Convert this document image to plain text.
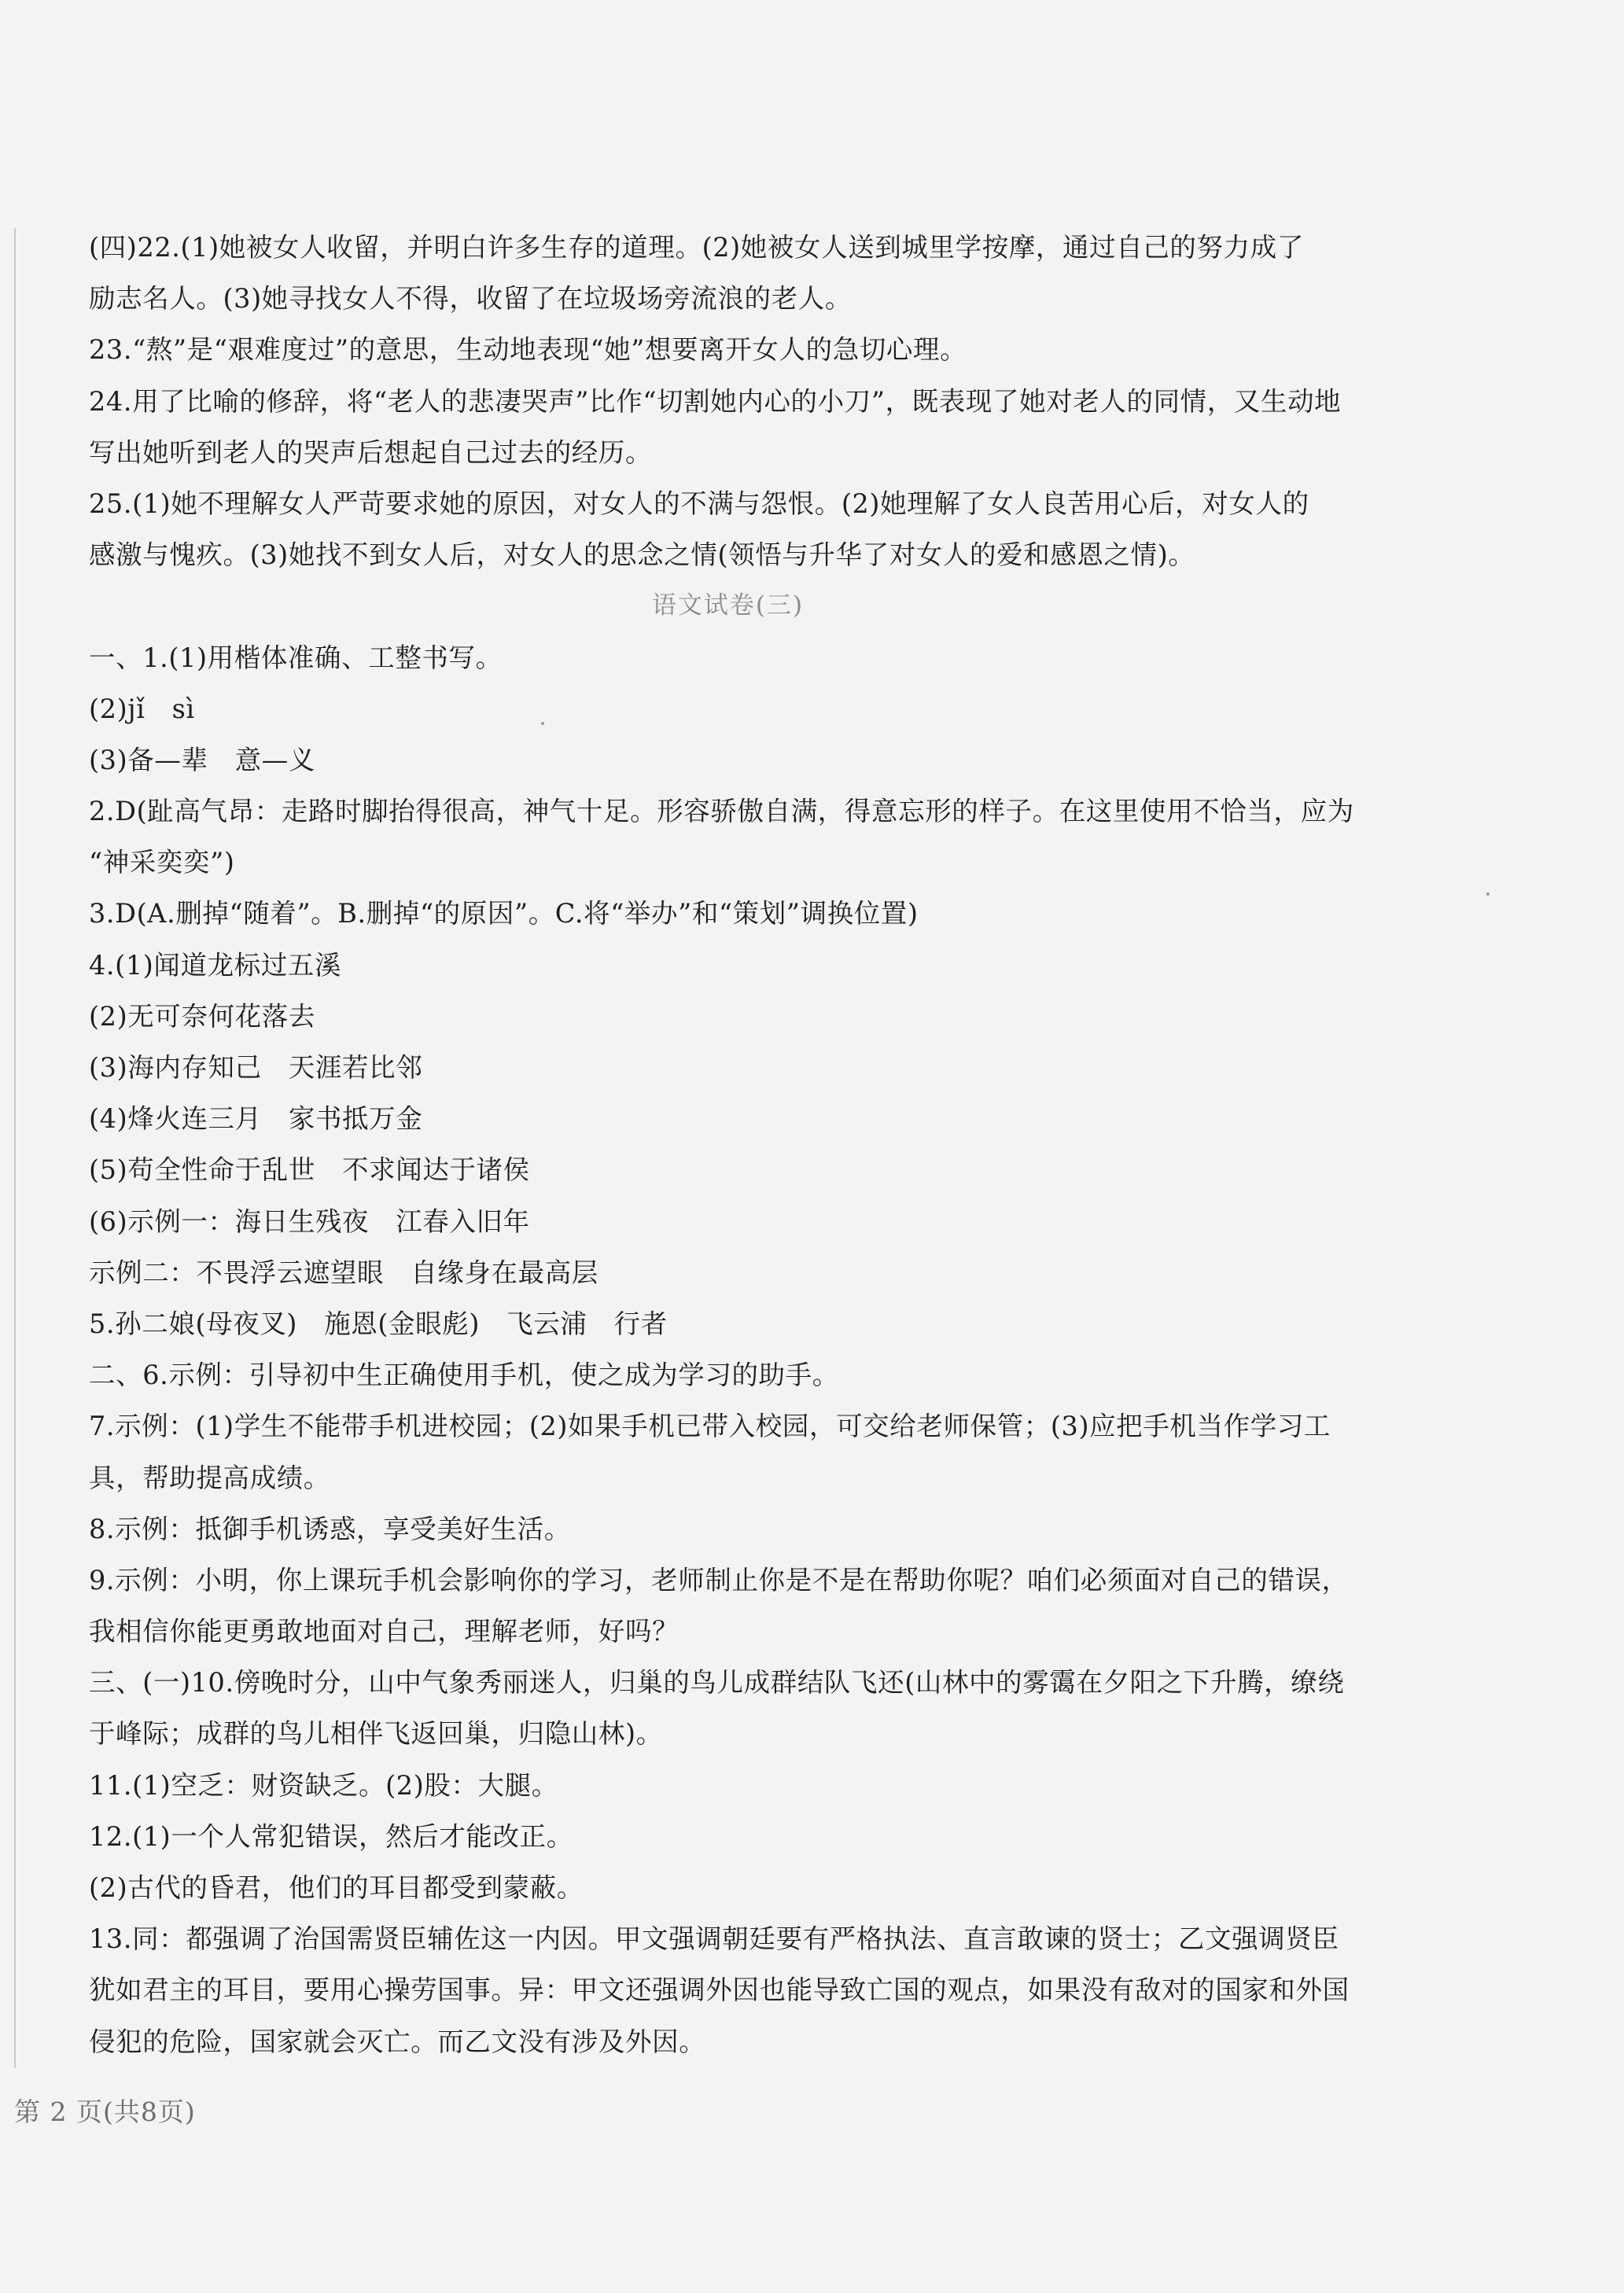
(四)22.(1)她被女人收留，并明白许多生存的道理。(2)她被女人送到城里学按摩，通过自己的努力成了
励志名人。(3)她寻找女人不得，收留了在垃圾场旁流浪的老人。
23.“熬”是“艰难度过”的意思，生动地表现“她”想要离开女人的急切心理。
24.用了比喻的修辞，将“老人的悲凄哭声”比作“切割她内心的小刀”，既表现了她对老人的同情，又生动地
写出她听到老人的哭声后想起自己过去的经历。
25.(1)她不理解女人严苛要求她的原因，对女人的不满与怨恨。(2)她理解了女人良苦用心后，对女人的
感激与愧疚。(3)她找不到女人后，对女人的思念之情(领悟与升华了对女人的爱和感恩之情)。
语文试卷(三)
一、1.(1)用楷体准确、工整书写。
(2)jǐ　sì
(3)备—辈　意—义
2.D(趾高气昂：走路时脚抬得很高，神气十足。形容骄傲自满，得意忘形的样子。在这里使用不恰当，应为
“神采奕奕”)
3.D(A.删掉“随着”。B.删掉“的原因”。C.将“举办”和“策划”调换位置)
4.(1)闻道龙标过五溪
(2)无可奈何花落去
(3)海内存知己　天涯若比邻
(4)烽火连三月　家书抵万金
(5)苟全性命于乱世　不求闻达于诸侯
(6)示例一：海日生残夜　江春入旧年
示例二：不畏浮云遮望眼　自缘身在最高层
5.孙二娘(母夜叉)　施恩(金眼彪)　飞云浦　行者
二、6.示例：引导初中生正确使用手机，使之成为学习的助手。
7.示例：(1)学生不能带手机进校园；(2)如果手机已带入校园，可交给老师保管；(3)应把手机当作学习工
具，帮助提高成绩。
8.示例：抵御手机诱惑，享受美好生活。
9.示例：小明，你上课玩手机会影响你的学习，老师制止你是不是在帮助你呢？咱们必须面对自己的错误，
我相信你能更勇敢地面对自己，理解老师，好吗？
三、(一)10.傍晚时分，山中气象秀丽迷人，归巢的鸟儿成群结队飞还(山林中的雾霭在夕阳之下升腾，缭绕
于峰际；成群的鸟儿相伴飞返回巢，归隐山林)。
11.(1)空乏：财资缺乏。(2)股：大腿。
12.(1)一个人常犯错误，然后才能改正。
(2)古代的昏君，他们的耳目都受到蒙蔽。
13.同：都强调了治国需贤臣辅佐这一内因。甲文强调朝廷要有严格执法、直言敢谏的贤士；乙文强调贤臣
犹如君主的耳目，要用心操劳国事。异：甲文还强调外因也能导致亡国的观点，如果没有敌对的国家和外国
侵犯的危险，国家就会灭亡。而乙文没有涉及外因。
第 2 页(共8页)
